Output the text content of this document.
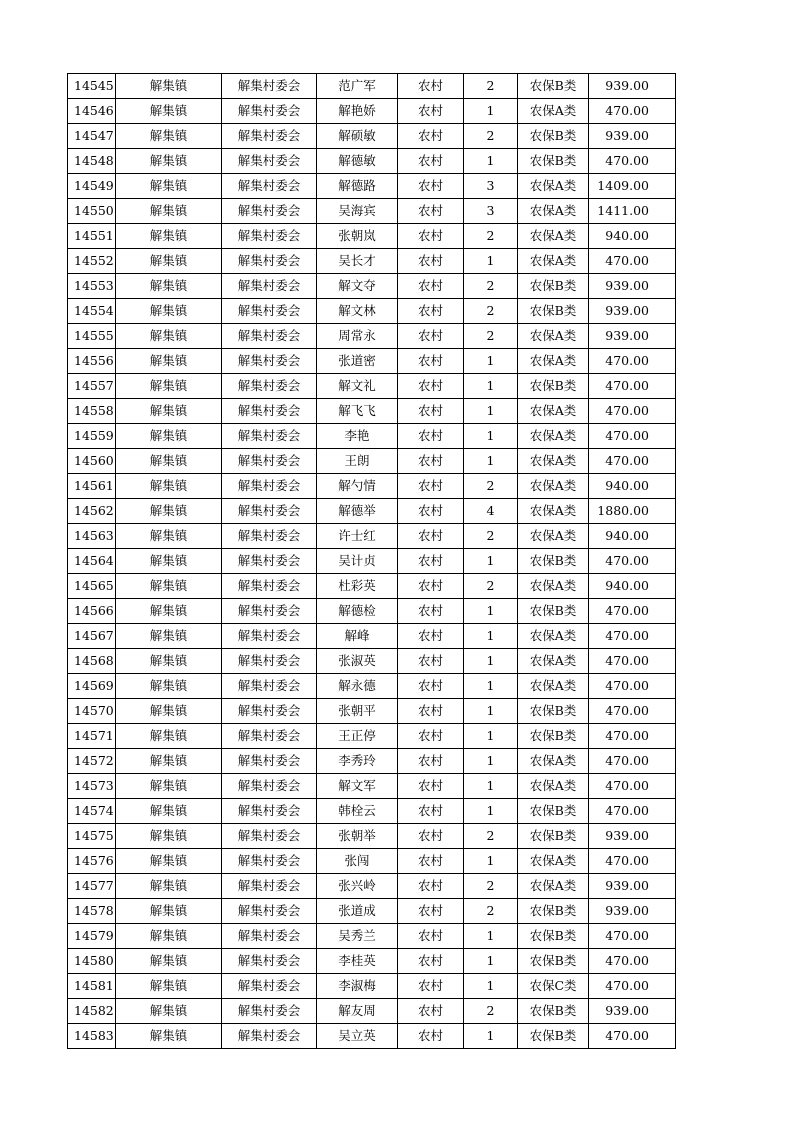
14545	解集镇	解集村委会	范广军	农村	2	农保B类	939.00
14546	解集镇	解集村委会	解艳娇	农村	1	农保A类	470.00
14547	解集镇	解集村委会	解硕敏	农村	2	农保B类	939.00
14548	解集镇	解集村委会	解德敏	农村	1	农保B类	470.00
14549	解集镇	解集村委会	解德路	农村	3	农保A类	1409.00
14550	解集镇	解集村委会	吴海宾	农村	3	农保A类	1411.00
14551	解集镇	解集村委会	张朝岚	农村	2	农保A类	940.00
14552	解集镇	解集村委会	吴长才	农村	1	农保A类	470.00
14553	解集镇	解集村委会	解文夺	农村	2	农保B类	939.00
14554	解集镇	解集村委会	解文林	农村	2	农保B类	939.00
14555	解集镇	解集村委会	周常永	农村	2	农保A类	939.00
14556	解集镇	解集村委会	张道密	农村	1	农保A类	470.00
14557	解集镇	解集村委会	解文礼	农村	1	农保B类	470.00
14558	解集镇	解集村委会	解飞飞	农村	1	农保A类	470.00
14559	解集镇	解集村委会	李艳	农村	1	农保A类	470.00
14560	解集镇	解集村委会	王朗	农村	1	农保A类	470.00
14561	解集镇	解集村委会	解勺情	农村	2	农保A类	940.00
14562	解集镇	解集村委会	解德举	农村	4	农保A类	1880.00
14563	解集镇	解集村委会	许士红	农村	2	农保A类	940.00
14564	解集镇	解集村委会	吴计贞	农村	1	农保B类	470.00
14565	解集镇	解集村委会	杜彩英	农村	2	农保A类	940.00
14566	解集镇	解集村委会	解德检	农村	1	农保B类	470.00
14567	解集镇	解集村委会	解峰	农村	1	农保A类	470.00
14568	解集镇	解集村委会	张淑英	农村	1	农保A类	470.00
14569	解集镇	解集村委会	解永德	农村	1	农保A类	470.00
14570	解集镇	解集村委会	张朝平	农村	1	农保B类	470.00
14571	解集镇	解集村委会	王正停	农村	1	农保B类	470.00
14572	解集镇	解集村委会	李秀玲	农村	1	农保A类	470.00
14573	解集镇	解集村委会	解文军	农村	1	农保A类	470.00
14574	解集镇	解集村委会	韩栓云	农村	1	农保B类	470.00
14575	解集镇	解集村委会	张朝举	农村	2	农保B类	939.00
14576	解集镇	解集村委会	张闯	农村	1	农保A类	470.00
14577	解集镇	解集村委会	张兴岭	农村	2	农保A类	939.00
14578	解集镇	解集村委会	张道成	农村	2	农保B类	939.00
14579	解集镇	解集村委会	吴秀兰	农村	1	农保B类	470.00
14580	解集镇	解集村委会	李桂英	农村	1	农保B类	470.00
14581	解集镇	解集村委会	李淑梅	农村	1	农保C类	470.00
14582	解集镇	解集村委会	解友周	农村	2	农保B类	939.00
14583	解集镇	解集村委会	吴立英	农村	1	农保B类	470.00
